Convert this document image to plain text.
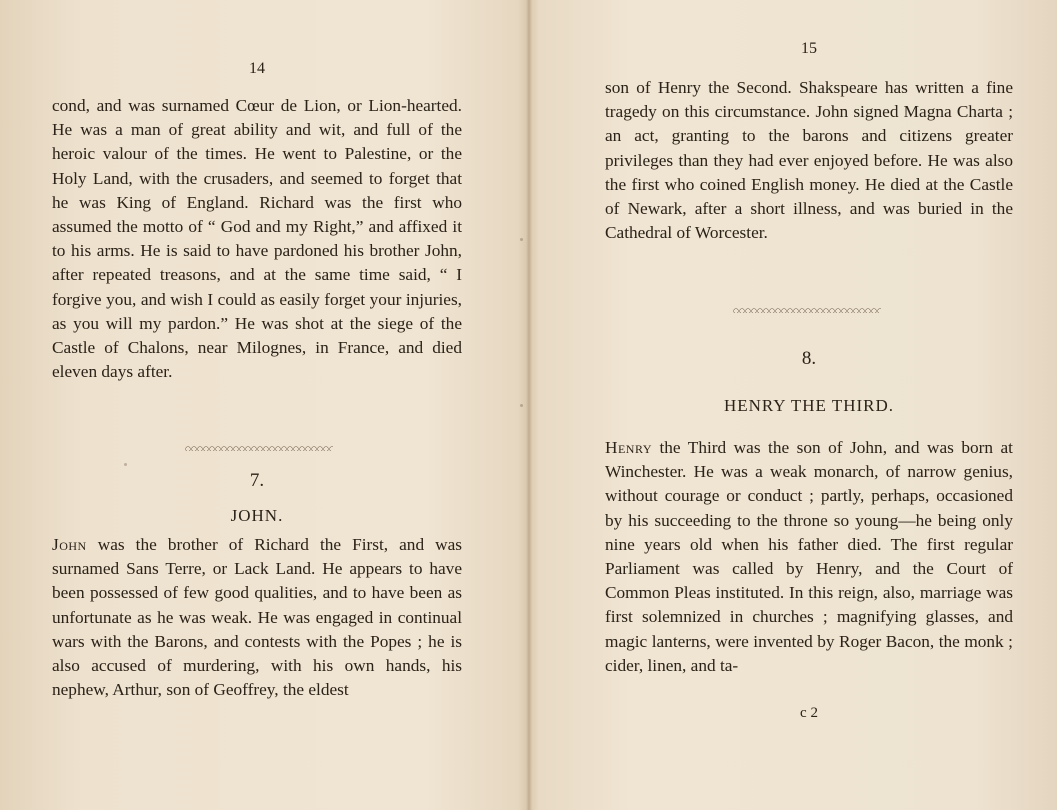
14

cond, and was surnamed Cœur de Lion, or Lion-hearted. He was a man of great ability and wit, and full of the heroic valour of the times. He went to Palestine, or the Holy Land, with the crusaders, and seemed to forget that he was King of England. Richard was the first who assumed the motto of “ God and my Right,” and affixed it to his arms. He is said to have pardoned his brother John, after repeated treasons, and at the same time said, “ I forgive you, and wish I could as easily forget your injuries, as you will my pardon.” He was shot at the siege of the Castle of Chalons, near Milognes, in France, and died eleven days after.

7.
JOHN.

John was the brother of Richard the First, and was surnamed Sans Terre, or Lack Land. He appears to have been possessed of few good qualities, and to have been as unfortunate as he was weak. He was engaged in continual wars with the Barons, and contests with the Popes ; he is also accused of murdering, with his own hands, his nephew, Arthur, son of Geoffrey, the eldest

15

son of Henry the Second. Shakspeare has written a fine tragedy on this circumstance. John signed Magna Charta ; an act, granting to the barons and citizens greater privileges than they had ever enjoyed before. He was also the first who coined English money. He died at the Castle of Newark, after a short illness, and was buried in the Cathedral of Worcester.

8.
HENRY THE THIRD.

Henry the Third was the son of John, and was born at Winchester. He was a weak monarch, of narrow genius, without courage or conduct ; partly, perhaps, occasioned by his succeeding to the throne so young—he being only nine years old when his father died. The first regular Parliament was called by Henry, and the Court of Common Pleas instituted. In this reign, also, marriage was first solemnized in churches ; magnifying glasses, and magic lanterns, were invented by Roger Bacon, the monk ; cider, linen, and ta-

c 2
